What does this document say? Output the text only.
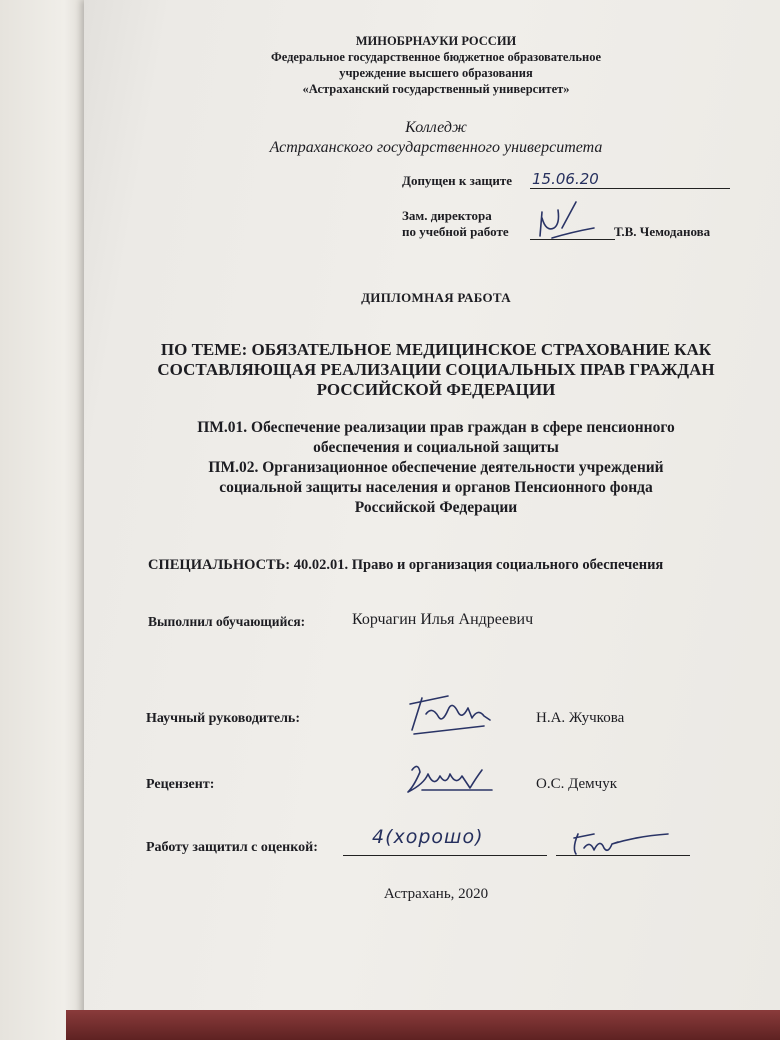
МИНОБРНАУКИ РОССИИ
Федеральное государственное бюджетное образовательное
учреждение высшего образования
«Астраханский государственный университет»
Колледж
Астраханского государственного университета
Допущен к защите 15.06.20
Зам. директора
по учебной работе	Т.В. Чемоданова
ДИПЛОМНАЯ РАБОТА
ПО ТЕМЕ: ОБЯЗАТЕЛЬНОЕ МЕДИЦИНСКОЕ СТРАХОВАНИЕ КАК
СОСТАВЛЯЮЩАЯ РЕАЛИЗАЦИИ СОЦИАЛЬНЫХ ПРАВ ГРАЖДАН
РОССИЙСКОЙ ФЕДЕРАЦИИ
ПМ.01. Обеспечение реализации прав граждан в сфере пенсионного
обеспечения и социальной защиты
ПМ.02. Организационное обеспечение деятельности учреждений
социальной защиты населения и органов Пенсионного фонда
Российской Федерации
СПЕЦИАЛЬНОСТЬ: 40.02.01. Право и организация социального обеспечения
Выполнил обучающийся:	Корчагин Илья Андреевич
Научный руководитель:	Н.А. Жучкова
Рецензент:	О.С. Демчук
Работу защитил с оценкой:	4(хорошо)
Астрахань, 2020
